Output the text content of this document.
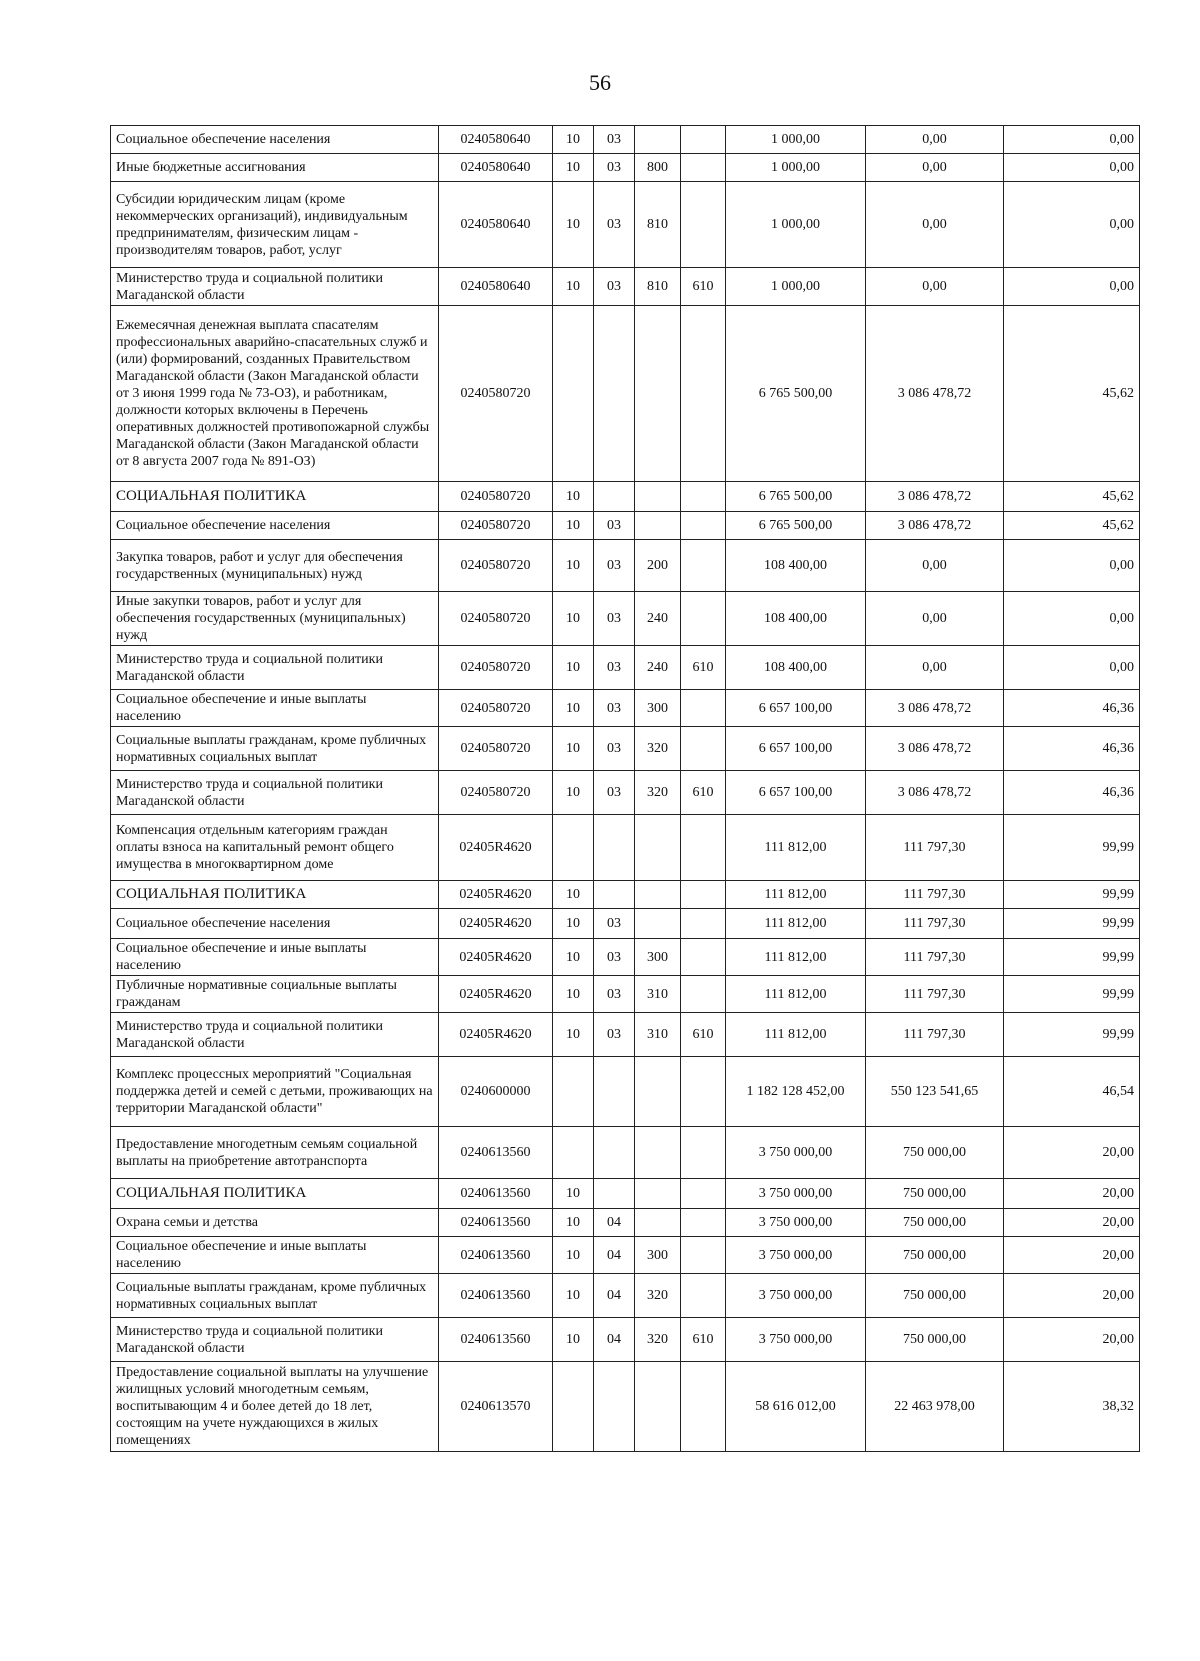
56
Социальное обеспечение населения	0240580640	10	03			1 000,00	0,00	0,00
Иные бюджетные ассигнования	0240580640	10	03	800		1 000,00	0,00	0,00
Субсидии юридическим лицам (кроме некоммерческих организаций), индивидуальным предпринимателям, физическим лицам - производителям товаров, работ, услуг	0240580640	10	03	810		1 000,00	0,00	0,00
Министерство труда и социальной политики Магаданской области	0240580640	10	03	810	610	1 000,00	0,00	0,00
Ежемесячная денежная выплата спасателям профессиональных аварийно-спасательных служб и (или) формирований, созданных Правительством Магаданской области (Закон Магаданской области от 3 июня 1999 года № 73-ОЗ), и работникам, должности которых включены в Перечень оперативных должностей противопожарной службы Магаданской области (Закон Магаданской области от 8 августа 2007 года № 891-ОЗ)	0240580720					6 765 500,00	3 086 478,72	45,62
СОЦИАЛЬНАЯ ПОЛИТИКА	0240580720	10				6 765 500,00	3 086 478,72	45,62
Социальное обеспечение населения	0240580720	10	03			6 765 500,00	3 086 478,72	45,62
Закупка товаров, работ и услуг для обеспечения государственных (муниципальных) нужд	0240580720	10	03	200		108 400,00	0,00	0,00
Иные закупки товаров, работ и услуг для обеспечения государственных (муниципальных) нужд	0240580720	10	03	240		108 400,00	0,00	0,00
Министерство труда и социальной политики Магаданской области	0240580720	10	03	240	610	108 400,00	0,00	0,00
Социальное обеспечение и иные выплаты населению	0240580720	10	03	300		6 657 100,00	3 086 478,72	46,36
Социальные выплаты гражданам, кроме публичных нормативных социальных выплат	0240580720	10	03	320		6 657 100,00	3 086 478,72	46,36
Министерство труда и социальной политики Магаданской области	0240580720	10	03	320	610	6 657 100,00	3 086 478,72	46,36
Компенсация отдельным категориям граждан оплаты взноса на капитальный ремонт общего имущества в многоквартирном доме	02405R4620					111 812,00	111 797,30	99,99
СОЦИАЛЬНАЯ ПОЛИТИКА	02405R4620	10				111 812,00	111 797,30	99,99
Социальное обеспечение населения	02405R4620	10	03			111 812,00	111 797,30	99,99
Социальное обеспечение и иные выплаты населению	02405R4620	10	03	300		111 812,00	111 797,30	99,99
Публичные нормативные социальные выплаты гражданам	02405R4620	10	03	310		111 812,00	111 797,30	99,99
Министерство труда и социальной политики Магаданской области	02405R4620	10	03	310	610	111 812,00	111 797,30	99,99
Комплекс процессных мероприятий "Социальная поддержка детей и семей с детьми, проживающих на территории Магаданской области"	0240600000					1 182 128 452,00	550 123 541,65	46,54
Предоставление многодетным семьям социальной выплаты на приобретение автотранспорта	0240613560					3 750 000,00	750 000,00	20,00
СОЦИАЛЬНАЯ ПОЛИТИКА	0240613560	10				3 750 000,00	750 000,00	20,00
Охрана семьи и детства	0240613560	10	04			3 750 000,00	750 000,00	20,00
Социальное обеспечение и иные выплаты населению	0240613560	10	04	300		3 750 000,00	750 000,00	20,00
Социальные выплаты гражданам, кроме публичных нормативных социальных выплат	0240613560	10	04	320		3 750 000,00	750 000,00	20,00
Министерство труда и социальной политики Магаданской области	0240613560	10	04	320	610	3 750 000,00	750 000,00	20,00
Предоставление социальной выплаты на улучшение жилищных условий многодетным семьям, воспитывающим 4 и более детей до 18 лет, состоящим на учете нуждающихся в жилых помещениях	0240613570					58 616 012,00	22 463 978,00	38,32
